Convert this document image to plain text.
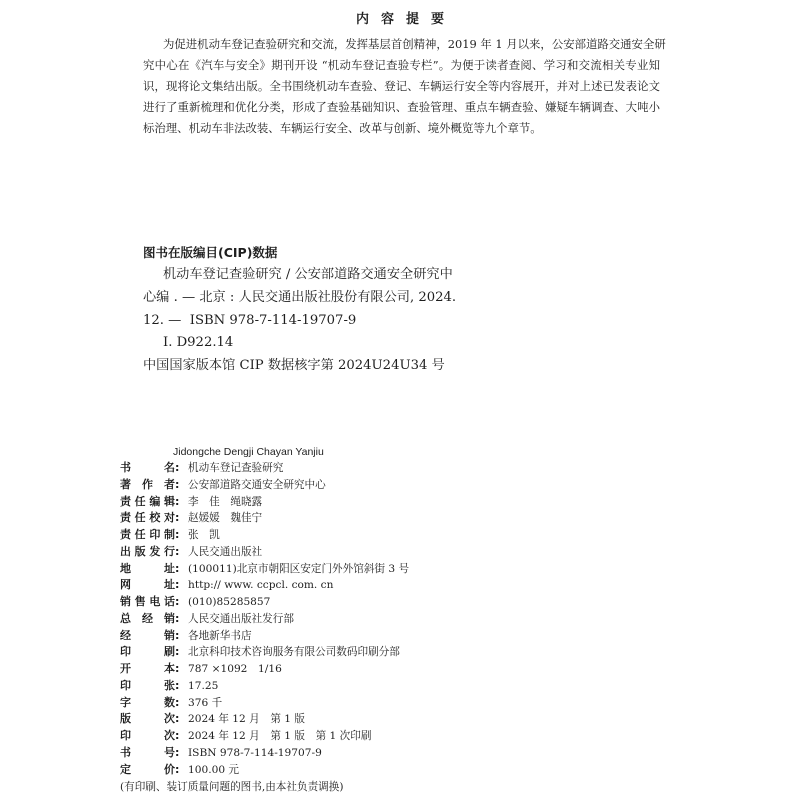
内容提要
为促进机动车登记查验研究和交流，发挥基层首创精神，2019 年 1 月以来，公安部道路交通安全研
究中心在《汽车与安全》期刊开设 “机动车登记查验专栏”。为便于读者查阅、学习和交流相关专业知
识，现将论文集结出版。全书围绕机动车查验、登记、车辆运行安全等内容展开，并对上述已发表论文
进行了重新梳理和优化分类，形成了查验基础知识、查验管理、重点车辆查验、嫌疑车辆调查、大吨小
标治理、机动车非法改装、车辆运行安全、改革与创新、境外概览等九个章节。
图书在版编目(CIP)数据
机动车登记查验研究 / 公安部道路交通安全研究中
心编 . — 北京 : 人民交通出版社股份有限公司, 2024.
12. —  ISBN 978-7-114-19707-9
Ⅰ. D922.14
中国国家版本馆 CIP 数据核字第 2024U24U34 号
Jidongche Dengji Chayan Yanjiu
书名 : 机动车登记查验研究
著作者 : 公安部道路交通安全研究中心
责任编辑 : 李　佳　绳晓露
责任校对 : 赵媛媛　魏佳宁
责任印制 : 张　凯
出版发行 : 人民交通出版社
地址 : (100011)北京市朝阳区安定门外外馆斜街 3 号
网址 : http:// www. ccpcl. com. cn
销售电话 : (010)85285857
总经销 : 人民交通出版社发行部
经销 : 各地新华书店
印刷 : 北京科印技术咨询服务有限公司数码印刷分部
开本 : 787 ×1092　1/16
印张 : 17.25
字数 : 376 千
版次 : 2024 年 12 月　第 1 版
印次 : 2024 年 12 月　第 1 版　第 1 次印刷
书号 : ISBN 978-7-114-19707-9
定价 : 100.00 元
(有印刷、装订质量问题的图书,由本社负责调换)
